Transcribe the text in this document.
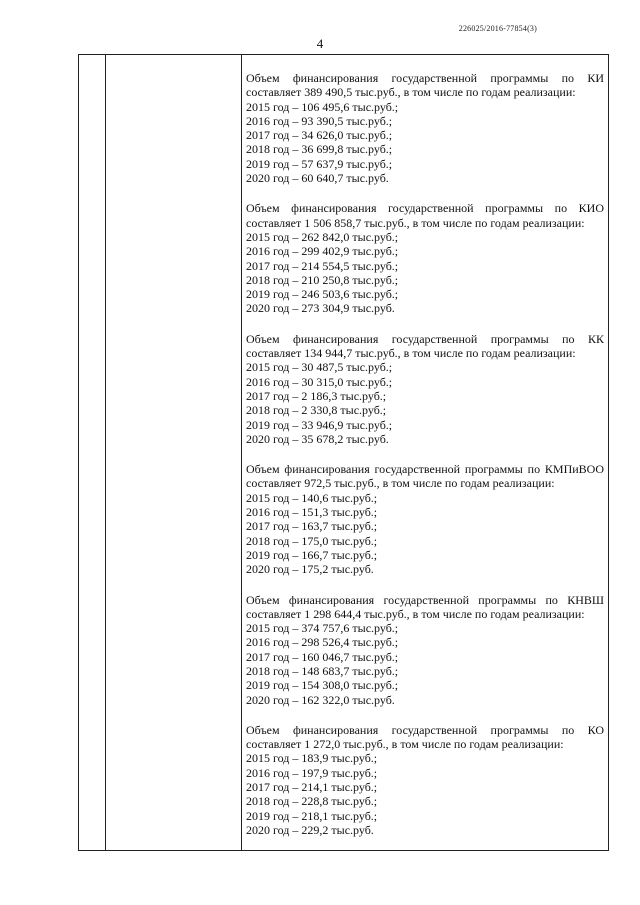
226025/2016-77854(3)
4

Объем финансирования государственной программы по КИ
составляет 389 490,5 тыс.руб., в том числе по годам реализации:

2015 год – 106 495,6 тыс.руб.;
2016 год – 93 390,5 тыс.руб.;
2017 год – 34 626,0 тыс.руб.;
2018 год – 36 699,8 тыс.руб.;
2019 год – 57 637,9 тыс.руб.;
2020 год – 60 640,7 тыс.руб.

Объем финансирования государственной программы по КИО
составляет 1 506 858,7 тыс.руб., в том числе по годам реализации:

2015 год – 262 842,0 тыс.руб.;
2016 год – 299 402,9 тыс.руб.;
2017 год – 214 554,5 тыс.руб.;
2018 год – 210 250,8 тыс.руб.;
2019 год – 246 503,6 тыс.руб.;
2020 год – 273 304,9 тыс.руб.

Объем финансирования государственной программы по КК
составляет 134 944,7 тыс.руб., в том числе по годам реализации:

2015 год – 30 487,5 тыс.руб.;
2016 год – 30 315,0 тыс.руб.;
2017 год – 2 186,3 тыс.руб.;
2018 год – 2 330,8 тыс.руб.;
2019 год – 33 946,9 тыс.руб.;
2020 год – 35 678,2 тыс.руб.

Объем финансирования государственной программы по КМПиВОО
составляет 972,5 тыс.руб., в том числе по годам реализации:

2015 год – 140,6 тыс.руб.;
2016 год – 151,3 тыс.руб.;
2017 год – 163,7 тыс.руб.;
2018 год – 175,0 тыс.руб.;
2019 год – 166,7 тыс.руб.;
2020 год – 175,2 тыс.руб.

Объем финансирования государственной программы по КНВШ
составляет 1 298 644,4 тыс.руб., в том числе по годам реализации:

2015 год – 374 757,6 тыс.руб.;
2016 год – 298 526,4 тыс.руб.;
2017 год – 160 046,7 тыс.руб.;
2018 год – 148 683,7 тыс.руб.;
2019 год – 154 308,0 тыс.руб.;
2020 год – 162 322,0 тыс.руб.

Объем финансирования государственной программы по КО
составляет 1 272,0 тыс.руб., в том числе по годам реализации:

2015 год – 183,9 тыс.руб.;
2016 год – 197,9 тыс.руб.;
2017 год – 214,1 тыс.руб.;
2018 год – 228,8 тыс.руб.;
2019 год – 218,1 тыс.руб.;
2020 год – 229,2 тыс.руб.
